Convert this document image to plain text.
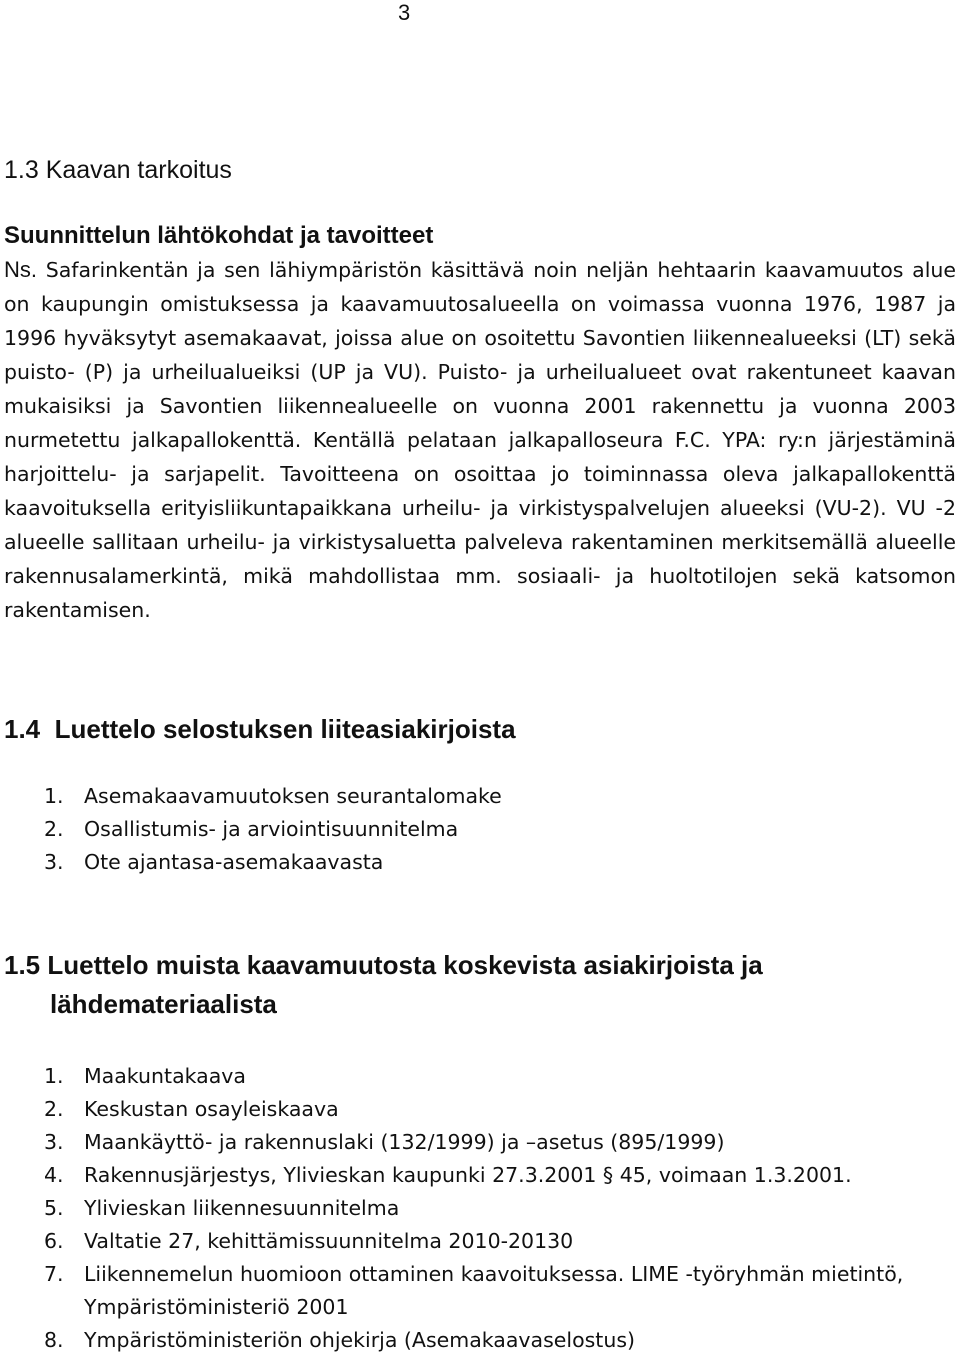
3
1.3 Kaavan tarkoitus
Suunnittelun lähtökohdat ja tavoitteet

Ns. Safarinkentän ja sen lähiympäristön käsittävä noin neljän hehtaarin kaavamuutos alue on kaupungin omistuksessa ja kaavamuutosalueella on voimassa vuonna 1976, 1987 ja 1996 hyväksytyt asemakaavat, joissa alue on osoitettu Savontien liikennealueeksi (LT) sekä puisto- (P) ja urheilualueiksi (UP ja VU). Puisto- ja urheilualueet ovat rakentuneet kaavan mukaisiksi ja Savontien liikennealueelle on vuonna 2001 rakennettu ja vuonna 2003 nurmetettu jalkapallokenttä. Kentällä pelataan jalkapalloseura F.C. YPA: ry:n järjestäminä harjoittelu- ja sarjapelit. Tavoitteena on osoittaa jo toiminnassa oleva jalkapallokenttä kaavoituksella erityisliikuntapaikkana urheilu- ja virkistyspalvelujen alueeksi (VU-2). VU -2 alueelle sallitaan urheilu- ja virkistysaluetta palveleva rakentaminen merkitsemällä alueelle rakennusalamerkintä, mikä mahdollistaa mm. sosiaali- ja huoltotilojen sekä katsomon rakentamisen.

1.4 Luettelo selostuksen liiteasiakirjoista
1. Asemakaavamuutoksen seurantalomake
2. Osallistumis- ja arviointisuunnitelma
3. Ote ajantasa-asemakaavasta
1.5 Luettelo muista kaavamuutosta koskevista asiakirjoista ja
lähdemateriaalista
1. Maakuntakaava
2. Keskustan osayleiskaava
3. Maankäyttö- ja rakennuslaki (132/1999) ja –asetus (895/1999)
4. Rakennusjärjestys, Ylivieskan kaupunki 27.3.2001 § 45, voimaan 1.3.2001.
5. Ylivieskan liikennesuunnitelma
6. Valtatie 27, kehittämissuunnitelma 2010-20130
7. Liikennemelun huomioon ottaminen kaavoituksessa. LIME -työryhmän mietintö, Ympäristöministeriö 2001
8. Ympäristöministeriön ohjekirja (Asemakaavaselostus)
